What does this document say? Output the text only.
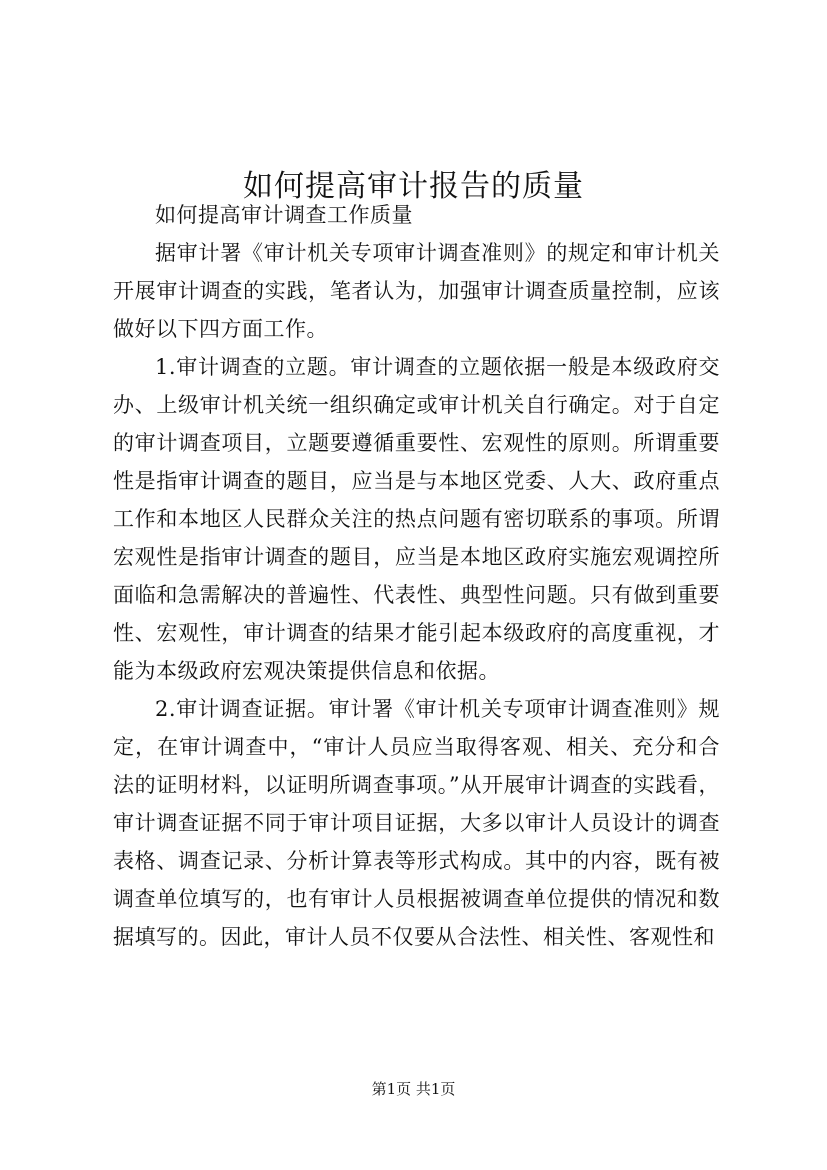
如何提高审计报告的质量

如何提高审计调查工作质量

据审计署《审计机关专项审计调查准则》的规定和审计机关开展审计调查的实践，笔者认为，加强审计调查质量控制，应该做好以下四方面工作。

1.审计调查的立题。审计调查的立题依据一般是本级政府交办、上级审计机关统一组织确定或审计机关自行确定。对于自定的审计调查项目，立题要遵循重要性、宏观性的原则。所谓重要性是指审计调查的题目，应当是与本地区党委、人大、政府重点工作和本地区人民群众关注的热点问题有密切联系的事项。所谓宏观性是指审计调查的题目，应当是本地区政府实施宏观调控所面临和急需解决的普遍性、代表性、典型性问题。只有做到重要性、宏观性，审计调查的结果才能引起本级政府的高度重视，才能为本级政府宏观决策提供信息和依据。

2.审计调查证据。审计署《审计机关专项审计调查准则》规定，在审计调查中，“审计人员应当取得客观、相关、充分和合法的证明材料，以证明所调查事项。”从开展审计调查的实践看，审计调查证据不同于审计项目证据，大多以审计人员设计的调查表格、调查记录、分析计算表等形式构成。其中的内容，既有被调查单位填写的，也有审计人员根据被调查单位提供的情况和数据填写的。因此，审计人员不仅要从合法性、相关性、客观性和

第1页 共1页
